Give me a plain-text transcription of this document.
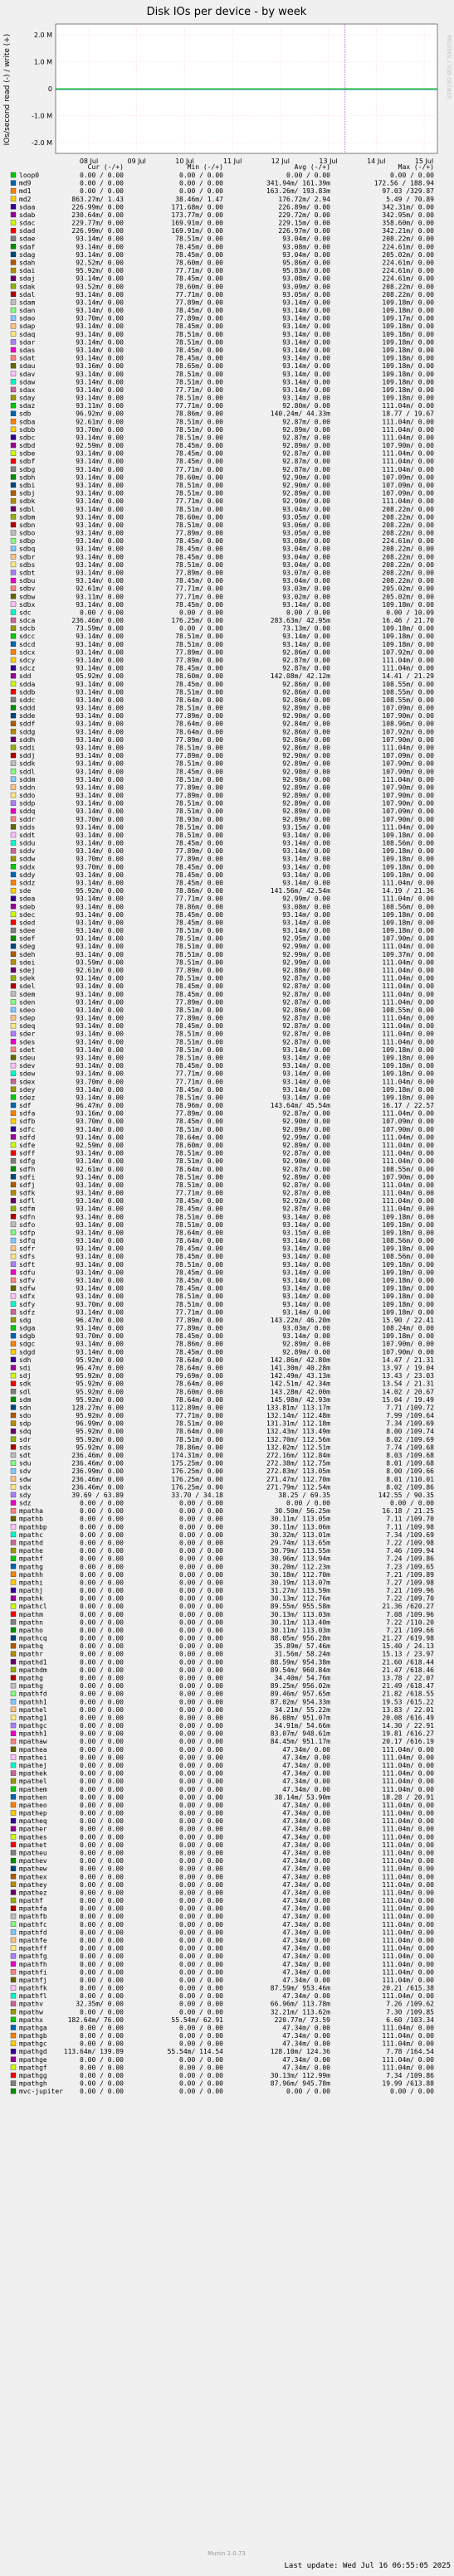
Disk IOs per device - by week
IOs/second read (-) / write (+)	RRDTOOL / TOBI OETIKER
2.0 M
1.0 M
0
-1.0 M
-2.0 M
08 Jul	09 Jul	10 Jul	11 Jul	12 Jul	13 Jul	14 Jul	15 Jul
Cur (-/+)	Min (-/+)	Avg (-/+)	Max (-/+)
loop0	0.00 / 0.00	0.00 / 0.00	0.00 / 0.00	0.00 / 0.00
md9	0.00 / 0.00	0.00 / 0.00	341.94m/ 161.39m	172.56 / 188.94
md1	0.00 / 0.00	0.00 / 0.00	163.26m/ 193.83m	97.03 /329.87
md2	863.27m/ 1.43	38.46m/ 1.47	176.72m/ 2.94	5.49 / 70.89
sdaa	226.99m/ 0.00	171.68m/ 0.00	226.89m/ 0.00	342.31m/ 0.00
sdab	230.64m/ 0.00	173.77m/ 0.00	229.72m/ 0.00	342.95m/ 0.00
sdac	229.77m/ 0.00	169.91m/ 0.00	229.15m/ 0.00	358.60m/ 0.00
sdad	226.99m/ 0.00	169.91m/ 0.00	226.97m/ 0.00	342.21m/ 0.00
sdae	93.14m/ 0.00	78.51m/ 0.00	93.04m/ 0.00	208.22m/ 0.00
sdaf	93.14m/ 0.00	78.45m/ 0.00	93.08m/ 0.00	224.61m/ 0.00
sdag	93.14m/ 0.00	78.45m/ 0.00	93.04m/ 0.00	205.02m/ 0.00
sdah	92.52m/ 0.00	78.60m/ 0.00	95.86m/ 0.00	224.61m/ 0.00
sdai	95.92m/ 0.00	77.71m/ 0.00	95.83m/ 0.00	224.61m/ 0.00
sdaj	93.14m/ 0.00	78.45m/ 0.00	93.08m/ 0.00	224.61m/ 0.00
sdak	93.52m/ 0.00	78.60m/ 0.00	93.09m/ 0.00	208.22m/ 0.00
sdal	93.14m/ 0.00	77.71m/ 0.00	93.05m/ 0.00	208.22m/ 0.00
sdam	93.14m/ 0.00	77.89m/ 0.00	93.14m/ 0.00	109.18m/ 0.00
sdan	93.14m/ 0.00	78.45m/ 0.00	93.14m/ 0.00	109.18m/ 0.00
sdao	93.70m/ 0.00	77.89m/ 0.00	93.14m/ 0.00	109.17m/ 0.00
sdap	93.14m/ 0.00	78.45m/ 0.00	93.14m/ 0.00	109.18m/ 0.00
sdaq	93.14m/ 0.00	78.51m/ 0.00	93.14m/ 0.00	109.18m/ 0.00
sdar	93.14m/ 0.00	78.51m/ 0.00	93.14m/ 0.00	109.18m/ 0.00
sdas	93.14m/ 0.00	78.45m/ 0.00	93.14m/ 0.00	109.18m/ 0.00
sdat	93.14m/ 0.00	78.45m/ 0.00	93.14m/ 0.00	109.18m/ 0.00
sdau	93.16m/ 0.00	78.65m/ 0.00	93.14m/ 0.00	109.18m/ 0.00
sdav	93.14m/ 0.00	78.51m/ 0.00	93.14m/ 0.00	109.18m/ 0.00
sdaw	93.14m/ 0.00	78.51m/ 0.00	93.14m/ 0.00	109.18m/ 0.00
sdax	93.14m/ 0.00	77.71m/ 0.00	93.14m/ 0.00	109.18m/ 0.00
sday	93.14m/ 0.00	78.51m/ 0.00	93.14m/ 0.00	109.18m/ 0.00
sdaz	93.11m/ 0.00	77.71m/ 0.00	92.80m/ 0.00	111.04m/ 0.00
sdb	96.92m/ 0.00	78.86m/ 0.00	140.24m/ 44.33m	18.77 / 19.67
sdba	92.61m/ 0.00	78.51m/ 0.00	92.87m/ 0.00	111.04m/ 0.00
sdbb	93.70m/ 0.00	78.51m/ 0.00	92.89m/ 0.00	111.04m/ 0.00
sdbc	93.14m/ 0.00	78.51m/ 0.00	92.87m/ 0.00	111.04m/ 0.00
sdbd	92.59m/ 0.00	78.45m/ 0.00	92.89m/ 0.00	107.90m/ 0.00
sdbe	93.14m/ 0.00	78.45m/ 0.00	92.87m/ 0.00	111.04m/ 0.00
sdbf	93.14m/ 0.00	78.45m/ 0.00	92.87m/ 0.00	111.04m/ 0.00
sdbg	93.14m/ 0.00	77.71m/ 0.00	92.87m/ 0.00	111.04m/ 0.00
sdbh	93.14m/ 0.00	78.60m/ 0.00	92.90m/ 0.00	107.09m/ 0.00
sdbi	93.14m/ 0.00	78.51m/ 0.00	92.90m/ 0.00	107.09m/ 0.00
sdbj	93.14m/ 0.00	78.51m/ 0.00	92.89m/ 0.00	107.09m/ 0.00
sdbk	93.14m/ 0.00	77.71m/ 0.00	92.90m/ 0.00	111.04m/ 0.00
sdbl	93.14m/ 0.00	78.51m/ 0.00	93.04m/ 0.00	208.22m/ 0.00
sdbm	93.14m/ 0.00	78.60m/ 0.00	93.05m/ 0.00	208.22m/ 0.00
sdbn	93.14m/ 0.00	78.51m/ 0.00	93.06m/ 0.00	208.22m/ 0.00
sdbo	93.14m/ 0.00	77.89m/ 0.00	93.05m/ 0.00	208.22m/ 0.00
sdbp	93.14m/ 0.00	78.45m/ 0.00	93.08m/ 0.00	224.61m/ 0.00
sdbq	93.14m/ 0.00	78.45m/ 0.00	93.04m/ 0.00	208.22m/ 0.00
sdbr	93.14m/ 0.00	78.45m/ 0.00	93.04m/ 0.00	208.22m/ 0.00
sdbs	93.14m/ 0.00	78.51m/ 0.00	93.04m/ 0.00	208.22m/ 0.00
sdbt	93.14m/ 0.00	77.89m/ 0.00	93.07m/ 0.00	208.22m/ 0.00
sdbu	93.14m/ 0.00	78.45m/ 0.00	93.04m/ 0.00	208.22m/ 0.00
sdbv	92.61m/ 0.00	77.71m/ 0.00	93.03m/ 0.00	205.02m/ 0.00
sdbw	93.11m/ 0.00	77.71m/ 0.00	93.02m/ 0.00	205.02m/ 0.00
sdbx	93.14m/ 0.00	78.45m/ 0.00	93.14m/ 0.00	109.18m/ 0.00
sdc	0.00 / 0.00	0.00 / 0.00	0.00 / 0.00	0.00 / 10.09
sdca	236.46m/ 0.00	176.25m/ 0.00	283.63m/ 42.95m	16.46 / 21.70
sdcb	73.59m/ 0.00	0.00 / 0.00	73.13m/ 0.00	109.18m/ 0.00
sdcc	93.14m/ 0.00	78.51m/ 0.00	93.14m/ 0.00	109.18m/ 0.00
sdcd	93.14m/ 0.00	78.51m/ 0.00	93.14m/ 0.00	109.18m/ 0.00
sdcx	93.14m/ 0.00	77.89m/ 0.00	92.86m/ 0.00	107.92m/ 0.00
sdcy	93.14m/ 0.00	77.89m/ 0.00	92.87m/ 0.00	111.04m/ 0.00
sdcz	93.14m/ 0.00	78.45m/ 0.00	92.87m/ 0.00	111.04m/ 0.00
sdd	95.92m/ 0.00	78.60m/ 0.00	142.08m/ 42.12m	14.41 / 21.29
sdda	93.14m/ 0.00	78.45m/ 0.00	92.86m/ 0.00	108.55m/ 0.00
sddb	93.14m/ 0.00	78.51m/ 0.00	92.86m/ 0.00	108.55m/ 0.00
sddc	93.14m/ 0.00	78.64m/ 0.00	92.86m/ 0.00	108.55m/ 0.00
sddd	93.14m/ 0.00	78.51m/ 0.00	92.89m/ 0.00	107.09m/ 0.00
sdde	93.14m/ 0.00	77.89m/ 0.00	92.90m/ 0.00	107.90m/ 0.00
sddf	93.14m/ 0.00	78.64m/ 0.00	92.84m/ 0.00	108.96m/ 0.00
sddg	93.14m/ 0.00	78.64m/ 0.00	92.86m/ 0.00	107.92m/ 0.00
sddh	93.14m/ 0.00	77.89m/ 0.00	92.86m/ 0.00	107.90m/ 0.00
sddi	93.14m/ 0.00	78.51m/ 0.00	92.86m/ 0.00	111.04m/ 0.00
sddj	93.14m/ 0.00	77.89m/ 0.00	92.90m/ 0.00	107.09m/ 0.00
sddk	93.14m/ 0.00	78.51m/ 0.00	92.89m/ 0.00	107.90m/ 0.00
sddl	93.14m/ 0.00	78.45m/ 0.00	92.98m/ 0.00	107.90m/ 0.00
sddm	93.14m/ 0.00	78.51m/ 0.00	92.98m/ 0.00	111.04m/ 0.00
sddn	93.14m/ 0.00	77.89m/ 0.00	92.89m/ 0.00	107.90m/ 0.00
sddo	93.14m/ 0.00	77.89m/ 0.00	92.89m/ 0.00	107.90m/ 0.00
sddp	93.14m/ 0.00	78.51m/ 0.00	92.89m/ 0.00	107.90m/ 0.00
sddq	93.14m/ 0.00	78.51m/ 0.00	92.89m/ 0.00	107.09m/ 0.00
sddr	93.70m/ 0.00	78.93m/ 0.00	92.89m/ 0.00	107.90m/ 0.00
sdds	93.14m/ 0.00	78.51m/ 0.00	93.15m/ 0.00	111.04m/ 0.00
sddt	93.14m/ 0.00	78.51m/ 0.00	93.14m/ 0.00	109.18m/ 0.00
sddu	93.14m/ 0.00	78.45m/ 0.00	93.14m/ 0.00	108.56m/ 0.00
sddv	93.14m/ 0.00	77.89m/ 0.00	93.14m/ 0.00	109.18m/ 0.00
sddw	93.70m/ 0.00	77.89m/ 0.00	93.14m/ 0.00	109.18m/ 0.00
sddx	93.70m/ 0.00	78.45m/ 0.00	93.14m/ 0.00	109.18m/ 0.00
sddy	93.14m/ 0.00	78.45m/ 0.00	93.14m/ 0.00	109.18m/ 0.00
sddz	93.14m/ 0.00	78.45m/ 0.00	93.14m/ 0.00	111.04m/ 0.00
sde	95.92m/ 0.00	78.86m/ 0.00	141.56m/ 42.54m	14.19 / 21.36
sdea	93.14m/ 0.00	77.71m/ 0.00	92.99m/ 0.00	111.04m/ 0.00
sdeb	93.14m/ 0.00	78.86m/ 0.00	93.08m/ 0.00	108.56m/ 0.00
sdec	93.14m/ 0.00	78.45m/ 0.00	93.14m/ 0.00	109.18m/ 0.00
sded	93.14m/ 0.00	78.45m/ 0.00	93.14m/ 0.00	109.18m/ 0.00
sdee	93.14m/ 0.00	78.51m/ 0.00	93.14m/ 0.00	109.18m/ 0.00
sdef	93.14m/ 0.00	78.51m/ 0.00	92.95m/ 0.00	107.90m/ 0.00
sdeg	93.14m/ 0.00	78.51m/ 0.00	92.99m/ 0.00	111.04m/ 0.00
sdeh	93.14m/ 0.00	78.51m/ 0.00	92.99m/ 0.00	109.37m/ 0.00
sdei	93.59m/ 0.00	78.51m/ 0.00	92.99m/ 0.00	111.04m/ 0.00
sdej	92.61m/ 0.00	77.89m/ 0.00	92.88m/ 0.00	111.04m/ 0.00
sdek	93.14m/ 0.00	78.51m/ 0.00	92.87m/ 0.00	111.04m/ 0.00
sdel	93.14m/ 0.00	78.45m/ 0.00	92.87m/ 0.00	111.04m/ 0.00
sdem	93.14m/ 0.00	78.45m/ 0.00	92.87m/ 0.00	111.04m/ 0.00
sden	93.14m/ 0.00	77.89m/ 0.00	92.87m/ 0.00	111.04m/ 0.00
sdeo	93.14m/ 0.00	78.51m/ 0.00	92.86m/ 0.00	108.55m/ 0.00
sdep	93.14m/ 0.00	77.89m/ 0.00	92.87m/ 0.00	111.04m/ 0.00
sdeq	93.14m/ 0.00	78.45m/ 0.00	92.87m/ 0.00	111.04m/ 0.00
sder	93.14m/ 0.00	78.51m/ 0.00	92.87m/ 0.00	111.04m/ 0.00
sdes	93.14m/ 0.00	78.51m/ 0.00	92.87m/ 0.00	111.04m/ 0.00
sdet	93.14m/ 0.00	78.51m/ 0.00	93.14m/ 0.00	109.18m/ 0.00
sdeu	93.14m/ 0.00	78.51m/ 0.00	93.14m/ 0.00	109.18m/ 0.00
sdev	93.14m/ 0.00	78.45m/ 0.00	93.14m/ 0.00	109.18m/ 0.00
sdew	93.14m/ 0.00	77.71m/ 0.00	93.14m/ 0.00	109.18m/ 0.00
sdex	93.70m/ 0.00	77.71m/ 0.00	93.14m/ 0.00	111.04m/ 0.00
sdey	93.14m/ 0.00	78.45m/ 0.00	93.14m/ 0.00	109.18m/ 0.00
sdez	93.14m/ 0.00	78.51m/ 0.00	93.14m/ 0.00	109.18m/ 0.00
sdf	96.47m/ 0.00	78.96m/ 0.00	143.64m/ 45.54m	16.17 / 22.57
sdfa	93.16m/ 0.00	77.89m/ 0.00	92.87m/ 0.00	111.04m/ 0.00
sdfb	93.70m/ 0.00	78.45m/ 0.00	92.90m/ 0.00	107.09m/ 0.00
sdfc	93.14m/ 0.00	78.51m/ 0.00	92.89m/ 0.00	107.90m/ 0.00
sdfd	93.14m/ 0.00	78.64m/ 0.00	92.99m/ 0.00	111.04m/ 0.00
sdfe	92.59m/ 0.00	78.60m/ 0.00	92.89m/ 0.00	111.04m/ 0.00
sdff	93.14m/ 0.00	78.51m/ 0.00	92.87m/ 0.00	111.04m/ 0.00
sdfg	93.14m/ 0.00	78.51m/ 0.00	92.90m/ 0.00	111.04m/ 0.00
sdfh	92.61m/ 0.00	78.64m/ 0.00	92.87m/ 0.00	108.55m/ 0.00
sdfi	93.14m/ 0.00	78.51m/ 0.00	92.89m/ 0.00	107.90m/ 0.00
sdfj	93.14m/ 0.00	78.51m/ 0.00	92.87m/ 0.00	111.04m/ 0.00
sdfk	93.14m/ 0.00	77.71m/ 0.00	92.87m/ 0.00	111.04m/ 0.00
sdfl	93.14m/ 0.00	78.45m/ 0.00	92.92m/ 0.00	111.04m/ 0.00
sdfm	93.14m/ 0.00	78.45m/ 0.00	92.87m/ 0.00	111.04m/ 0.00
sdfn	93.14m/ 0.00	78.51m/ 0.00	93.14m/ 0.00	109.18m/ 0.00
sdfo	93.14m/ 0.00	78.51m/ 0.00	93.14m/ 0.00	109.18m/ 0.00
sdfp	93.14m/ 0.00	78.64m/ 0.00	93.15m/ 0.00	109.18m/ 0.00
sdfq	93.14m/ 0.00	78.64m/ 0.00	93.14m/ 0.00	108.56m/ 0.00
sdfr	93.14m/ 0.00	78.45m/ 0.00	93.14m/ 0.00	109.18m/ 0.00
sdfs	93.14m/ 0.00	78.45m/ 0.00	93.14m/ 0.00	108.56m/ 0.00
sdft	93.14m/ 0.00	78.51m/ 0.00	93.14m/ 0.00	109.18m/ 0.00
sdfu	93.14m/ 0.00	78.45m/ 0.00	93.14m/ 0.00	109.18m/ 0.00
sdfv	93.14m/ 0.00	78.45m/ 0.00	93.14m/ 0.00	109.18m/ 0.00
sdfw	93.14m/ 0.00	78.45m/ 0.00	93.14m/ 0.00	109.18m/ 0.00
sdfx	93.14m/ 0.00	78.51m/ 0.00	93.14m/ 0.00	109.18m/ 0.00
sdfy	93.70m/ 0.00	78.51m/ 0.00	93.14m/ 0.00	109.18m/ 0.00
sdfz	93.14m/ 0.00	77.71m/ 0.00	93.14m/ 0.00	109.18m/ 0.00
sdg	96.47m/ 0.00	77.89m/ 0.00	143.22m/ 46.20m	15.90 / 22.41
sdga	93.14m/ 0.00	77.89m/ 0.00	93.03m/ 0.00	108.24m/ 0.00
sdgb	93.70m/ 0.00	78.45m/ 0.00	93.14m/ 0.00	109.18m/ 0.00
sdgc	93.14m/ 0.00	78.86m/ 0.00	92.89m/ 0.00	107.90m/ 0.00
sdgd	93.14m/ 0.00	78.45m/ 0.00	92.89m/ 0.00	107.90m/ 0.00
sdh	95.92m/ 0.00	78.64m/ 0.00	142.86m/ 42.80m	14.47 / 21.31
sdi	96.47m/ 0.00	78.64m/ 0.00	141.30m/ 40.28m	13.97 / 19.04
sdj	95.92m/ 0.00	79.69m/ 0.00	142.49m/ 43.13m	13.43 / 23.03
sdk	95.92m/ 0.00	78.64m/ 0.00	142.51m/ 42.34m	13.54 / 21.31
sdl	95.92m/ 0.00	78.60m/ 0.00	143.28m/ 42.00m	14.02 / 20.67
sdm	95.92m/ 0.00	78.64m/ 0.00	145.98m/ 42.93m	15.04 / 19.49
sdn	128.27m/ 0.00	112.89m/ 0.00	133.81m/ 113.17m	7.71 /109.72
sdo	95.92m/ 0.00	77.71m/ 0.00	132.14m/ 112.48m	7.99 /109.64
sdp	96.99m/ 0.00	78.51m/ 0.00	131.31m/ 112.18m	7.34 /109.69
sdq	95.92m/ 0.00	78.64m/ 0.00	132.43m/ 113.49m	8.00 /109.74
sdr	95.92m/ 0.00	78.51m/ 0.00	132.70m/ 112.56m	8.02 /109.69
sds	95.92m/ 0.00	78.86m/ 0.00	132.02m/ 112.51m	7.74 /109.68
sdt	236.46m/ 0.00	174.31m/ 0.00	272.16m/ 112.84m	8.03 /109.68
sdu	236.46m/ 0.00	175.25m/ 0.00	272.38m/ 112.75m	8.01 /109.68
sdv	236.99m/ 0.00	176.25m/ 0.00	272.83m/ 113.05m	8.00 /109.66
sdw	236.46m/ 0.00	176.25m/ 0.00	271.47m/ 112.70m	8.01 /110.01
sdx	236.46m/ 0.00	176.25m/ 0.00	271.79m/ 112.54m	8.02 /109.86
sdy	39.69 / 63.89	33.70 / 34.18	38.25 / 69.35	142.55 / 90.35
sdz	0.00 / 0.00	0.00 / 0.00	0.00 / 0.00	0.00 / 0.00
mpatha	0.00 / 0.00	0.00 / 0.00	30.50m/ 56.25m	16.18 / 21.25
mpathb	0.00 / 0.00	0.00 / 0.00	30.11m/ 113.05m	7.11 /109.70
mpathbp	0.00 / 0.00	0.00 / 0.00	30.11m/ 113.06m	7.11 /109.98
mpathc	0.00 / 0.00	0.00 / 0.00	30.32m/ 113.01m	7.34 /109.69
mpathd	0.00 / 0.00	0.00 / 0.00	29.74m/ 113.65m	7.22 /109.98
mpathe	0.00 / 0.00	0.00 / 0.00	30.79m/ 113.55m	7.46 /109.94
mpathf	0.00 / 0.00	0.00 / 0.00	30.96m/ 113.94m	7.24 /109.86
mpathg	0.00 / 0.00	0.00 / 0.00	30.20m/ 112.23m	7.23 /109.65
mpathh	0.00 / 0.00	0.00 / 0.00	30.18m/ 112.70m	7.21 /109.89
mpathi	0.00 / 0.00	0.00 / 0.00	30.19m/ 113.07m	7.27 /109.98
mpathj	0.00 / 0.00	0.00 / 0.00	31.27m/ 113.59m	7.21 /109.96
mpathk	0.00 / 0.00	0.00 / 0.00	30.13m/ 112.76m	7.22 /109.70
mpathcl	0.00 / 0.00	0.00 / 0.00	89.55m/ 955.58m	21.36 /620.27
mpathm	0.00 / 0.00	0.00 / 0.00	30.13m/ 113.03m	7.08 /109.96
mpathn	0.00 / 0.00	0.00 / 0.00	30.11m/ 113.40m	7.22 /110.20
mpatho	0.00 / 0.00	0.00 / 0.00	30.11m/ 113.03m	7.21 /109.66
mpathcq	0.00 / 0.00	0.00 / 0.00	88.05m/ 956.28m	21.27 /619.98
mpathq	0.00 / 0.00	0.00 / 0.00	35.89m/ 57.46m	15.40 / 24.13
mpathr	0.00 / 0.00	0.00 / 0.00	31.56m/ 58.24m	15.13 / 23.97
mpathd1	0.00 / 0.00	0.00 / 0.00	88.59m/ 954.38m	21.60 /618.44
mpathdm	0.00 / 0.00	0.00 / 0.00	89.54m/ 960.84m	21.47 /618.46
mpathg	0.00 / 0.00	0.00 / 0.00	34.40m/ 54.76m	13.78 / 22.07
mpathg	0.00 / 0.00	0.00 / 0.00	89.25m/ 956.02m	21.49 /618.47
mpathfd	0.00 / 0.00	0.00 / 0.00	89.46m/ 957.65m	21.82 /618.55
mpathh1	0.00 / 0.00	0.00 / 0.00	87.02m/ 954.33m	19.53 /615.22
mpathel	0.00 / 0.00	0.00 / 0.00	34.21m/ 55.22m	13.83 / 22.01
mpathg1	0.00 / 0.00	0.00 / 0.00	86.08m/ 951.07m	20.08 /616.49
mpathgc	0.00 / 0.00	0.00 / 0.00	34.91m/ 54.66m	14.30 / 22.91
mpathh1	0.00 / 0.00	0.00 / 0.00	83.07m/ 948.61m	19.81 /616.27
mpathaw	0.00 / 0.00	0.00 / 0.00	84.45m/ 951.17m	20.17 /616.19
mpathea	0.00 / 0.00	0.00 / 0.00	47.34m/ 0.00	111.04m/ 0.00
mpathei	0.00 / 0.00	0.00 / 0.00	47.34m/ 0.00	111.04m/ 0.00
mpathej	0.00 / 0.00	0.00 / 0.00	47.34m/ 0.00	111.04m/ 0.00
mpathek	0.00 / 0.00	0.00 / 0.00	47.34m/ 0.00	111.04m/ 0.00
mpathel	0.00 / 0.00	0.00 / 0.00	47.34m/ 0.00	111.04m/ 0.00
mpathem	0.00 / 0.00	0.00 / 0.00	47.34m/ 0.00	111.04m/ 0.00
mpathen	0.00 / 0.00	0.00 / 0.00	38.14m/ 53.90m	18.28 / 20.91
mpatheo	0.00 / 0.00	0.00 / 0.00	47.34m/ 0.00	111.04m/ 0.00
mpathep	0.00 / 0.00	0.00 / 0.00	47.34m/ 0.00	111.04m/ 0.00
mpatheq	0.00 / 0.00	0.00 / 0.00	47.34m/ 0.00	111.04m/ 0.00
mpather	0.00 / 0.00	0.00 / 0.00	47.34m/ 0.00	111.04m/ 0.00
mpathes	0.00 / 0.00	0.00 / 0.00	47.34m/ 0.00	111.04m/ 0.00
mpathet	0.00 / 0.00	0.00 / 0.00	47.34m/ 0.00	111.04m/ 0.00
mpatheu	0.00 / 0.00	0.00 / 0.00	47.34m/ 0.00	111.04m/ 0.00
mpathev	0.00 / 0.00	0.00 / 0.00	47.34m/ 0.00	111.04m/ 0.00
mpathew	0.00 / 0.00	0.00 / 0.00	47.34m/ 0.00	111.04m/ 0.00
mpathex	0.00 / 0.00	0.00 / 0.00	47.34m/ 0.00	111.04m/ 0.00
mpathey	0.00 / 0.00	0.00 / 0.00	47.34m/ 0.00	111.04m/ 0.00
mpathez	0.00 / 0.00	0.00 / 0.00	47.34m/ 0.00	111.04m/ 0.00
mpathf	0.00 / 0.00	0.00 / 0.00	47.34m/ 0.00	111.04m/ 0.00
mpathfa	0.00 / 0.00	0.00 / 0.00	47.34m/ 0.00	111.04m/ 0.00
mpathfb	0.00 / 0.00	0.00 / 0.00	47.34m/ 0.00	111.04m/ 0.00
mpathfc	0.00 / 0.00	0.00 / 0.00	47.34m/ 0.00	111.04m/ 0.00
mpathfd	0.00 / 0.00	0.00 / 0.00	47.34m/ 0.00	111.04m/ 0.00
mpathfe	0.00 / 0.00	0.00 / 0.00	47.34m/ 0.00	111.04m/ 0.00
mpathff	0.00 / 0.00	0.00 / 0.00	47.34m/ 0.00	111.04m/ 0.00
mpathfg	0.00 / 0.00	0.00 / 0.00	47.34m/ 0.00	111.04m/ 0.00
mpathfh	0.00 / 0.00	0.00 / 0.00	47.34m/ 0.00	111.04m/ 0.00
mpathfi	0.00 / 0.00	0.00 / 0.00	47.34m/ 0.00	111.04m/ 0.00
mpathfj	0.00 / 0.00	0.00 / 0.00	47.34m/ 0.00	111.04m/ 0.00
mpathfk	0.00 / 0.00	0.00 / 0.00	87.59m/ 953.46m	20.21 /615.38
mpathfl	0.00 / 0.00	0.00 / 0.00	47.34m/ 0.00	111.04m/ 0.00
mpathv	32.35m/ 0.00	0.00 / 0.00	66.96m/ 113.78m	7.26 /109.62
mpathw	0.00 / 0.00	0.00 / 0.00	32.21m/ 113.62m	7.30 /109.85
mpathx	182.64m/ 76.00	55.54m/ 62.91	220.77m/ 73.59	6.60 /103.34
mpathga	0.00 / 0.00	0.00 / 0.00	47.34m/ 0.00	111.04m/ 0.00
mpathgb	0.00 / 0.00	0.00 / 0.00	47.34m/ 0.00	111.04m/ 0.00
mpathgc	0.00 / 0.00	0.00 / 0.00	47.34m/ 0.00	111.04m/ 0.00
mpathgd	113.64m/ 139.89	55.54m/ 114.54	128.10m/ 124.36	7.78 /164.54
mpathge	0.00 / 0.00	0.00 / 0.00	47.34m/ 0.00	111.04m/ 0.00
mpathgf	0.00 / 0.00	0.00 / 0.00	47.34m/ 0.00	111.04m/ 0.00
mpathgg	0.00 / 0.00	0.00 / 0.00	30.13m/ 112.99m	7.34 /109.86
mpathgh	0.00 / 0.00	0.00 / 0.00	87.96m/ 945.78m	19.99 /613.88
mvc-jupiter	0.00 / 0.00	0.00 / 0.00	0.00 / 0.00	0.00 / 0.00
Munin 2.0.73
Last update: Wed Jul 16 06:55:05 2025
